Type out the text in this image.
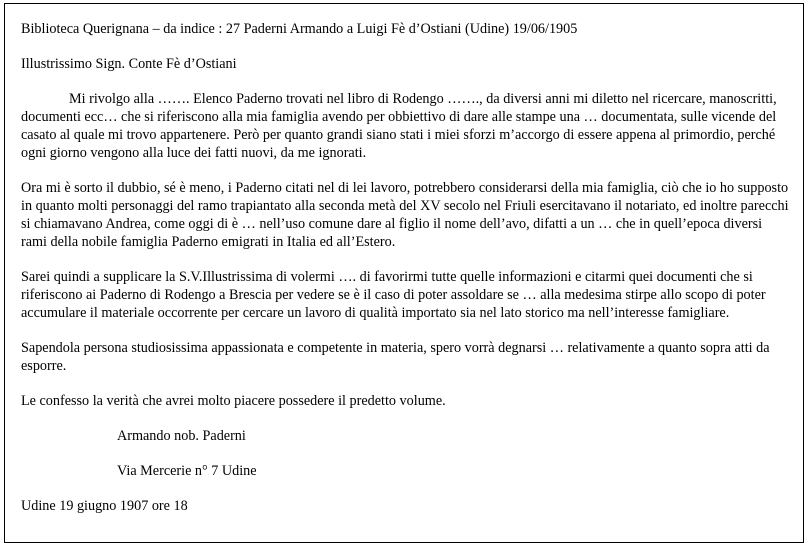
Biblioteca Querignana – da indice : 27 Paderni Armando a Luigi Fè d’Ostiani (Udine) 19/06/1905

Illustrissimo Sign. Conte Fè d’Ostiani

Mi rivolgo alla ……. Elenco Paderno trovati nel libro di Rodengo ……., da diversi anni mi diletto nel ricercare, manoscritti, documenti ecc… che si riferiscono alla mia famiglia avendo per obbiettivo di dare alle stampe una … documentata, sulle vicende del casato al quale mi trovo appartenere. Però per quanto grandi siano stati i miei sforzi m’accorgo di essere appena al primordio, perché ogni giorno vengono alla luce dei fatti nuovi, da me ignorati.

Ora mi è sorto il dubbio, sé è meno, i Paderno citati nel di lei lavoro, potrebbero considerarsi della mia famiglia, ciò che io ho supposto in quanto molti personaggi del ramo trapiantato alla seconda metà del XV secolo nel Friuli esercitavano il notariato, ed inoltre parecchi si chiamavano Andrea, come oggi di è … nell’uso comune dare al figlio il nome dell’avo, difatti a un … che in quell’epoca diversi rami della nobile famiglia Paderno emigrati in Italia ed all’Estero.

Sarei quindi a supplicare la S.V.Illustrissima di volermi …. di favorirmi tutte quelle informazioni e citarmi quei documenti che si riferiscono ai Paderno di Rodengo a Brescia per vedere se è il caso di poter assoldare se … alla medesima stirpe allo scopo di poter accumulare il materiale occorrente per cercare un lavoro di qualità importato sia nel lato storico ma nell’interesse famigliare.

Sapendola persona studiosissima appassionata e competente in materia, spero vorrà degnarsi … relativamente a quanto sopra atti da esporre.

Le confesso la verità che avrei molto piacere possedere il predetto volume.

Armando nob. Paderni

Via Mercerie n° 7 Udine

Udine 19 giugno 1907 ore 18
